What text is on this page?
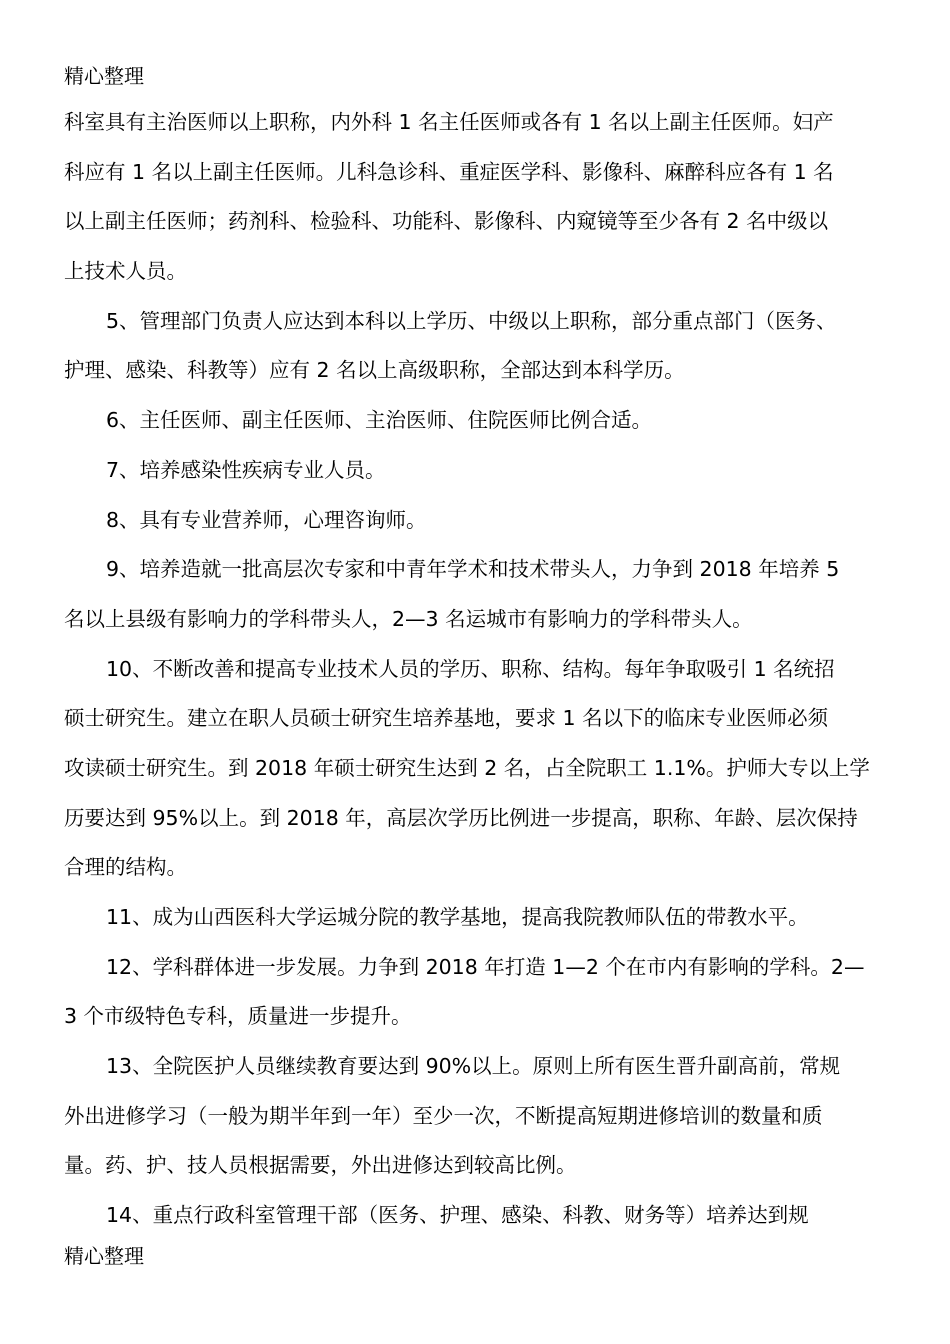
精心整理
科室具有主治医师以上职称，内外科 1 名主任医师或各有 1 名以上副主任医师。妇产
科应有 1 名以上副主任医师。儿科急诊科、重症医学科、影像科、麻醉科应各有 1 名
以上副主任医师；药剂科、检验科、功能科、影像科、内窥镜等至少各有 2 名中级以
上技术人员。
5、管理部门负责人应达到本科以上学历、中级以上职称，部分重点部门（医务、
护理、感染、科教等）应有 2 名以上高级职称，全部达到本科学历。
6、主任医师、副主任医师、主治医师、住院医师比例合适。
7、培养感染性疾病专业人员。
8、具有专业营养师，心理咨询师。
9、培养造就一批高层次专家和中青年学术和技术带头人，力争到 2018 年培养 5
名以上县级有影响力的学科带头人，2—3 名运城市有影响力的学科带头人。
10、不断改善和提高专业技术人员的学历、职称、结构。每年争取吸引 1 名统招
硕士研究生。建立在职人员硕士研究生培养基地，要求 1 名以下的临床专业医师必须
攻读硕士研究生。到 2018 年硕士研究生达到 2 名，占全院职工 1.1%。护师大专以上学
历要达到 95%以上。到 2018 年，高层次学历比例进一步提高，职称、年龄、层次保持
合理的结构。
11、成为山西医科大学运城分院的教学基地，提高我院教师队伍的带教水平。
12、学科群体进一步发展。力争到 2018 年打造 1—2 个在市内有影响的学科。2—
3 个市级特色专科，质量进一步提升。
13、全院医护人员继续教育要达到 90%以上。原则上所有医生晋升副高前，常规
外出进修学习（一般为期半年到一年）至少一次，不断提高短期进修培训的数量和质
量。药、护、技人员根据需要，外出进修达到较高比例。
14、重点行政科室管理干部（医务、护理、感染、科教、财务等）培养达到规
精心整理
